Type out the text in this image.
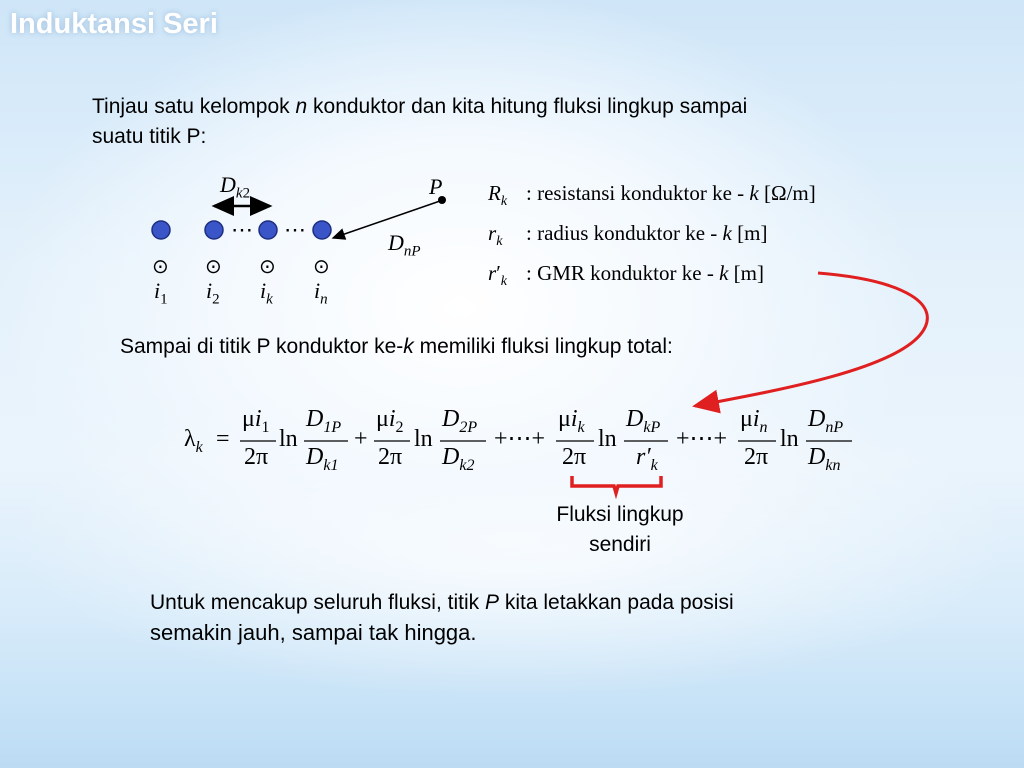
Induktansi Seri
Tinjau satu kelompok n konduktor dan kita hitung fluksi lingkup sampai
suatu titik P:
$D_{k2}$	P
$D_{nP}$
⋯ ⋯
⊙ ⊙ ⊙ ⊙
$i_1$ $i_2$ $i_k$ $i_n$
$R_k$ : resistansi konduktor ke - k [Ω/m]
$r_k$ : radius konduktor ke - k [m]
$r'_k$ : GMR konduktor ke - k [m]
Sampai di titik P konduktor ke-k memiliki fluksi lingkup total:
$\lambda_k$ =
$\mu i_1$
2π
ln
$D_{1P}$
$D_{k1}$
+
$\mu i_2$
2π
ln
$D_{2P}$
$D_{k2}$
+⋯+
$\mu i_k$
2π
ln
$D_{kP}$
$r'_k$
+⋯+
$\mu i_n$
2π
ln
$D_{nP}$
$D_{kn}$
Fluksi lingkup
sendiri
Untuk mencakup seluruh fluksi, titik P kita letakkan pada posisi
semakin jauh, sampai tak hingga.
